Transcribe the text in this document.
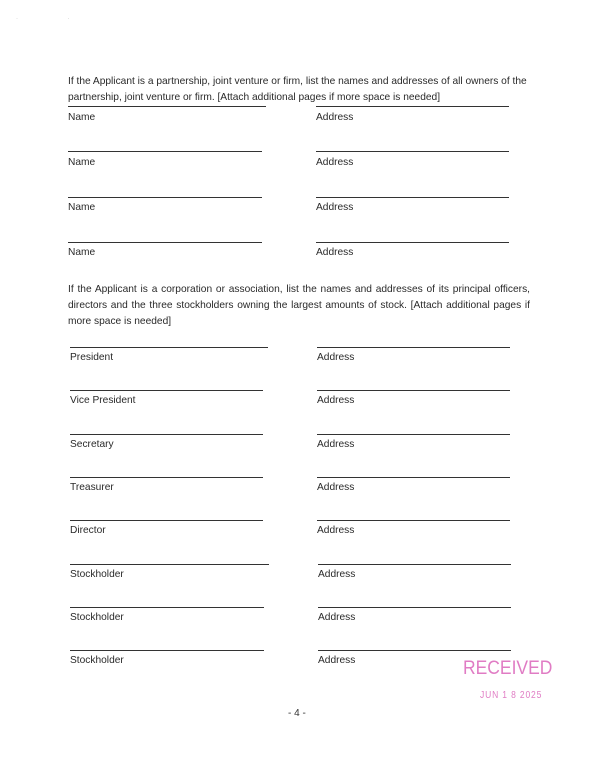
· ·

If the Applicant is a partnership, joint venture or firm, list the names and addresses of all owners of the partnership, joint venture or firm. [Attach additional pages if more space is needed]

Name	Address
Name	Address
Name	Address
Name	Address

If the Applicant is a corporation or association, list the names and addresses of its principal officers, directors and the three stockholders owning the largest amounts of stock. [Attach additional pages if more space is needed]

President	Address
Vice President	Address
Secretary	Address
Treasurer	Address
Director	Address
Stockholder	Address
Stockholder	Address
Stockholder	Address	RECEIVED
JUN 1 8 2025
- 4 -
